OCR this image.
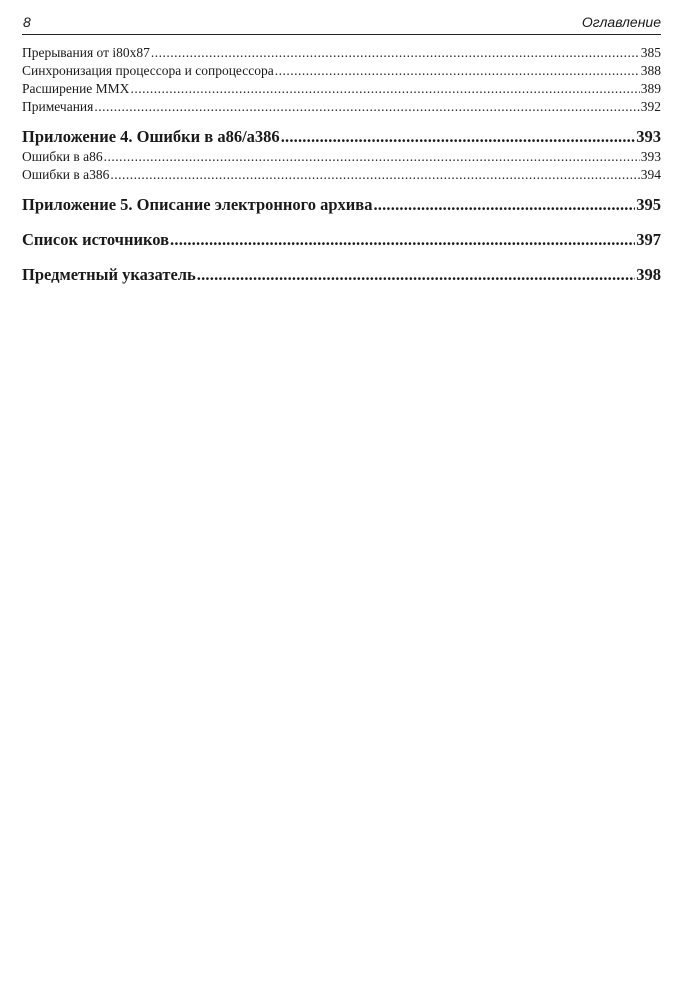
8	Оглавление
Прерывания от i80x87 .....	385
Синхронизация процессора и сопроцессора .....	388
Расширение MMX .....	389
Примечания .....	392
Приложение 4. Ошибки в a86/a386 .....	393
Ошибки в a86 .....	393
Ошибки в a386 .....	394
Приложение 5. Описание электронного архива .....	395
Список источников .....	397
Предметный указатель .....	398
